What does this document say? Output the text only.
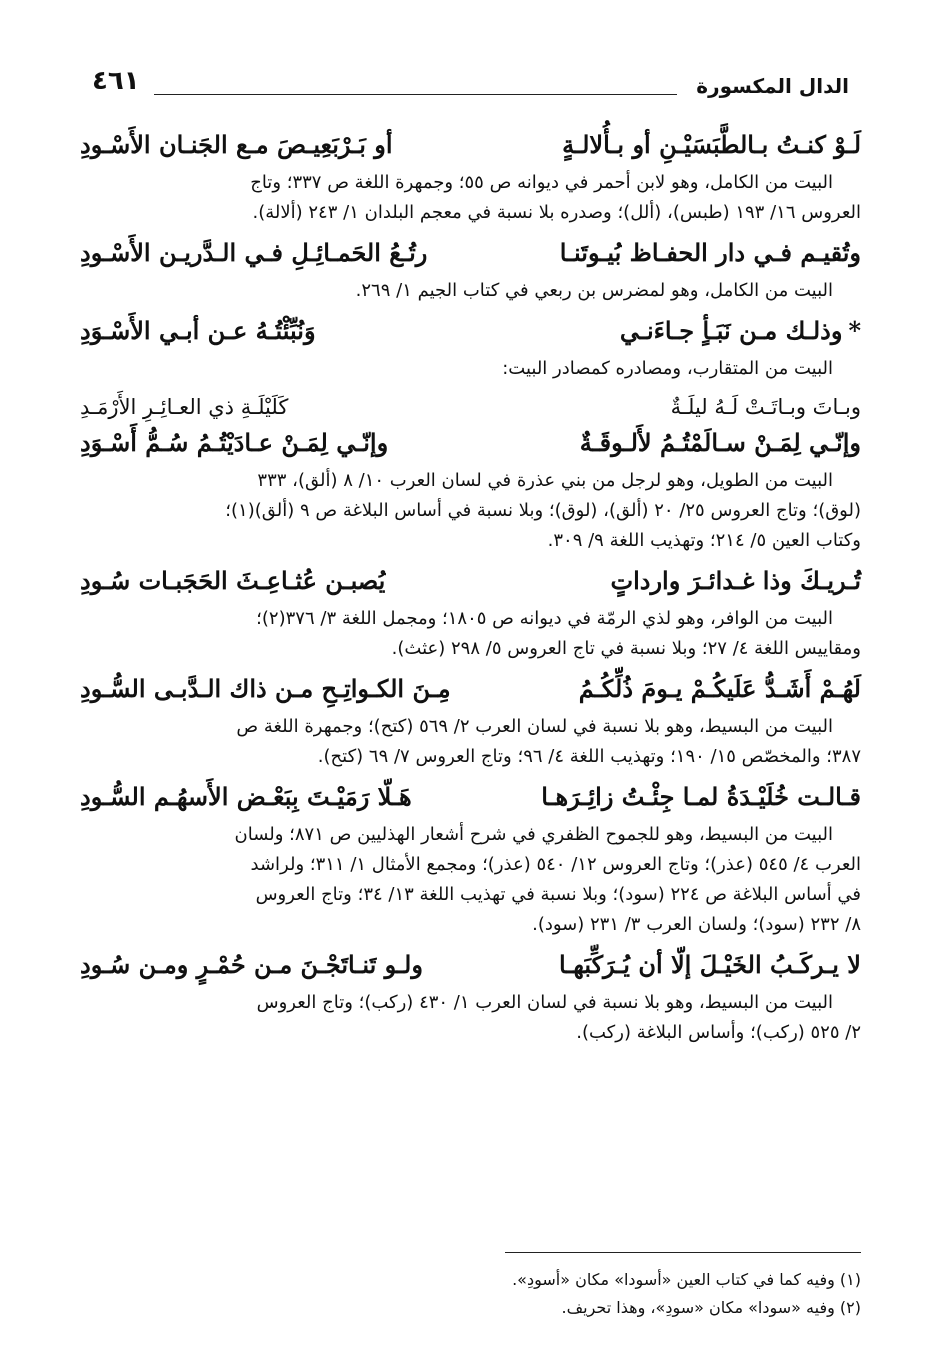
الدال المكسورة
٤٦١
لَـوْ كنـتُ بـالطَّبَسَيْـنِ أو بـأُلالـةٍ
أو بَـرْبَعِيـصَ مـع الجَنـان الأَسْـودِ
البيت من الكامل، وهو لابن أحمر في ديوانه ص ٥٥؛ وجمهرة اللغة ص ٣٣٧؛ وتاج
العروس ١٦/ ١٩٣ (طبس)، (ألل)؛ وصدره بلا نسبة في معجم البلدان ١/ ٢٤٣ (ألالة).
وتُقيـم فـي دار الحفـاظ بُيـوتَنـا
رتُـعُ الحَمـائِـلِ فـي الـدَّريـن الأَسْـودِ
البيت من الكامل، وهو لمضرس بن ربعي في كتاب الجيم ١/ ٢٦٩.
*وذلـك مـن نَبَـأٍ جـاءَنـي
وَنُبِّئْتُـهُ عـن أبـي الأَسْـوَدِ
البيت من المتقارب، ومصادره كمصادر البيت:
وبـاتَ وبـاتَـتْ لَـهُ ليلَـةٌ
كَلَيْلَـةِ ذي العـائِـرِ الأَرْمَـدِ
وإنّـي لِمَـنْ سـالَمْتُـمُ لأَلـوقَـةٌ
وإنّـي لِمَـنْ عـادَيْتُـمُ سُـمُّ أَسْـوَدِ
البيت من الطويل، وهو لرجل من بني عذرة في لسان العرب ١٠/ ٨ (ألق)، ٣٣٣
(لوق)؛ وتاج العروس ٢٥/ ٢٠ (ألق)، (لوق)؛ وبلا نسبة في أساس البلاغة ص ٩ (ألق)(١)؛
وكتاب العين ٥/ ٢١٤؛ وتهذيب اللغة ٩/ ٣٠٩.
تُـريـكَ وذا غـدائـرَ وارداتٍ
يُصبـن عُثـاعِـثَ الحَجَبـات سُـودِ
البيت من الوافر، وهو لذي الرمّة في ديوانه ص ١٨٠٥؛ ومجمل اللغة ٣/ ٣٧٦(٢)؛
ومقاييس اللغة ٤/ ٢٧؛ وبلا نسبة في تاج العروس ٥/ ٢٩٨ (عثث).
لَهُـمْ أَشَـدُّ عَلَيكُـمْ يـومَ ذُلِّكُـمُ
مِـنَ الكـواتِـحِ مـن ذاك الـدَّبـى السُّـودِ
البيت من البسيط، وهو بلا نسبة في لسان العرب ٢/ ٥٦٩ (كتح)؛ وجمهرة اللغة ص
٣٨٧؛ والمخصّص ١٥/ ١٩٠؛ وتهذيب اللغة ٤/ ٩٦؛ وتاج العروس ٧/ ٦٩ (كتح).
قـالـت خُلَيْـدَةُ لمـا جِئْـتُ زائِـرَهـا
هَـلّا رَمَيْـتَ بِبَعْـض الأَسهُـم السُّـودِ
البيت من البسيط، وهو للجموح الظفري في شرح أشعار الهذليين ص ٨٧١؛ ولسان
العرب ٤/ ٥٤٥ (عذر)؛ وتاج العروس ١٢/ ٥٤٠ (عذر)؛ ومجمع الأمثال ١/ ٣١١؛ ولراشد
في أساس البلاغة ص ٢٢٤ (سود)؛ وبلا نسبة في تهذيب اللغة ١٣/ ٣٤؛ وتاج العروس
٨/ ٢٣٢ (سود)؛ ولسان العرب ٣/ ٢٣١ (سود).
لا يـركَـبُ الخَيْـلَ إلّا أن يُـرَكِّبَهـا
ولـو تَنـاتَجْـنَ مـن حُمْـرٍ ومـن سُـودِ
البيت من البسيط، وهو بلا نسبة في لسان العرب ١/ ٤٣٠ (ركب)؛ وتاج العروس
٢/ ٥٢٥ (ركب)؛ وأساس البلاغة (ركب).
(١) وفيه كما في كتاب العين «أسودا» مكان «أسودِ».
(٢) وفيه «سودا» مكان «سودِ»، وهذا تحريف.
